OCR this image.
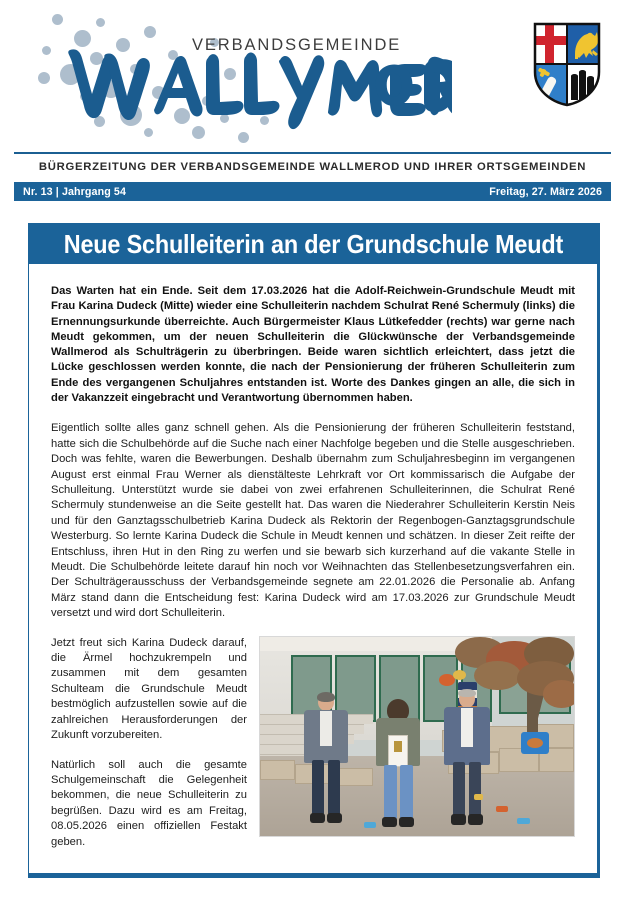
VERBANDSGEMEINDE
BÜRGERZEITUNG DER VERBANDSGEMEINDE WALLMEROD UND IHRER ORTSGEMEINDEN
Nr. 13 | Jahrgang 54	Freitag, 27. März 2026
Neue Schulleiterin an der Grundschule Meudt

Das Warten hat ein Ende. Seit dem 17.03.2026 hat die Adolf-Reichwein-Grundschule Meudt mit Frau Karina Dudeck (Mitte) wieder eine Schulleiterin nachdem Schulrat René Schermuly (links) die Ernennungsurkunde überreichte. Auch Bürgermeister Klaus Lütkefedder (rechts) war gerne nach Meudt gekommen, um der neuen Schulleiterin die Glückwünsche der Verbandsgemeinde Wallmerod als Schulträgerin zu überbringen. Beide waren sichtlich erleichtert, dass jetzt die Lücke geschlossen werden konnte, die nach der Pensionierung der früheren Schulleiterin zum Ende des vergangenen Schuljahres entstanden ist. Worte des Dankes gingen an alle, die sich in der Vakanzzeit eingebracht und Verantwortung übernommen haben.

Eigentlich sollte alles ganz schnell gehen. Als die Pensionierung der früheren Schulleiterin feststand, hatte sich die Schulbehörde auf die Suche nach einer Nachfolge begeben und die Stelle ausgeschrieben. Doch was fehlte, waren die Bewerbungen. Deshalb übernahm zum Schuljahresbeginn im vergangenen August erst einmal Frau Werner als dienstälteste Lehrkraft vor Ort kommissarisch die Aufgabe der Schulleitung. Unterstützt wurde sie dabei von zwei erfahrenen Schulleiterinnen, die Schulrat René Schermuly stundenweise an die Seite gestellt hat. Das waren die Niederahrer Schulleiterin Kerstin Neis und für den Ganztagsschulbetrieb Karina Dudeck als Rektorin der Regenbogen-Ganztagsgrundschule Westerburg. So lernte Karina Dudeck die Schule in Meudt kennen und schätzen. In dieser Zeit reifte der Entschluss, ihren Hut in den Ring zu werfen und sie bewarb sich kurzerhand auf die vakante Stelle in Meudt. Die Schulbehörde leitete darauf hin noch vor Weihnachten das Stellenbesetzungsverfahren ein. Der Schulträgerausschuss der Verbandsgemeinde segnete am 22.01.2026 die Personalie ab. Anfang März stand dann die Entscheidung fest: Karina Dudeck wird am 17.03.2026 zur Grundschule Meudt versetzt und wird dort Schulleiterin.

Jetzt freut sich Karina Dudeck darauf, die Ärmel hochzukrempeln und zusammen mit dem gesamten Schulteam die Grundschule Meudt bestmöglich aufzustellen sowie auf die zahlreichen Herausforderungen der Zukunft vorzubereiten.

Natürlich soll auch die gesamte Schulgemeinschaft die Gelegenheit bekommen, die neue Schulleiterin zu begrüßen. Dazu wird es am Freitag, 08.05.2026 einen offiziellen Festakt geben.
